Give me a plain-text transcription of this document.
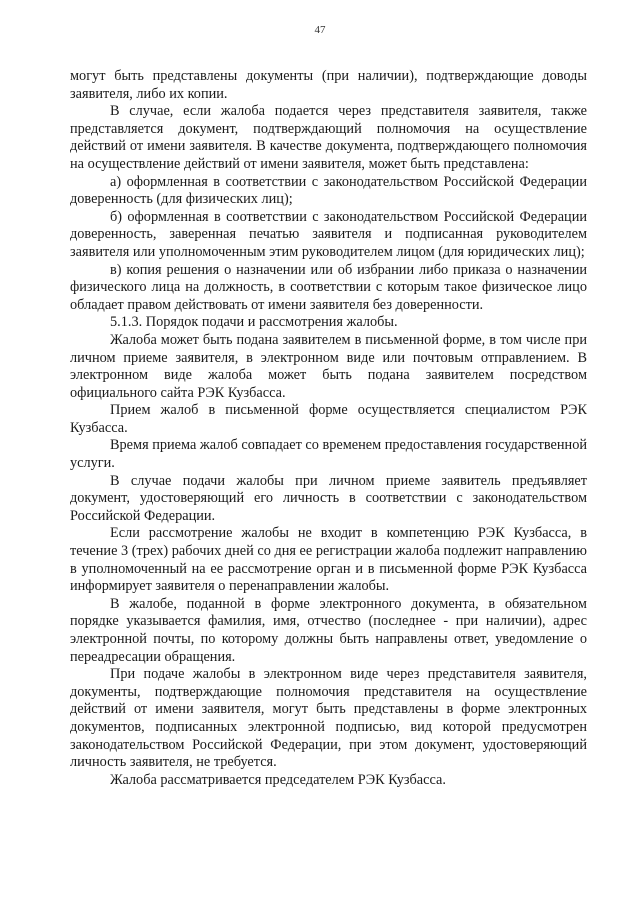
47

могут быть представлены документы (при наличии), подтверждающие доводы заявителя, либо их копии.

В случае, если жалоба подается через представителя заявителя, также представляется документ, подтверждающий полномочия на осуществление действий от имени заявителя. В качестве документа, подтверждающего полномочия на осуществление действий от имени заявителя, может быть представлена:

а) оформленная в соответствии с законодательством Российской Федерации доверенность (для физических лиц);

б) оформленная в соответствии с законодательством Российской Федерации доверенность, заверенная печатью заявителя и подписанная руководителем заявителя или уполномоченным этим руководителем лицом (для юридических лиц);

в) копия решения о назначении или об избрании либо приказа о назначении физического лица на должность, в соответствии с которым такое физическое лицо обладает правом действовать от имени заявителя без доверенности.

5.1.3. Порядок подачи и рассмотрения жалобы.

Жалоба может быть подана заявителем в письменной форме, в том числе при личном приеме заявителя, в электронном виде или почтовым отправлением. В электронном виде жалоба может быть подана заявителем посредством официального сайта РЭК Кузбасса.

Прием жалоб в письменной форме осуществляется специалистом РЭК Кузбасса.

Время приема жалоб совпадает со временем предоставления государственной услуги.

В случае подачи жалобы при личном приеме заявитель предъявляет документ, удостоверяющий его личность в соответствии с законодательством Российской Федерации.

Если рассмотрение жалобы не входит в компетенцию РЭК Кузбасса, в течение 3 (трех) рабочих дней со дня ее регистрации жалоба подлежит направлению в уполномоченный на ее рассмотрение орган и в письменной форме РЭК Кузбасса информирует заявителя о перенаправлении жалобы.

В жалобе, поданной в форме электронного документа, в обязательном порядке указывается фамилия, имя, отчество (последнее - при наличии), адрес электронной почты, по которому должны быть направлены ответ, уведомление о переадресации обращения.

При подаче жалобы в электронном виде через представителя заявителя, документы, подтверждающие полномочия представителя на осуществление действий от имени заявителя, могут быть представлены в форме электронных документов, подписанных электронной подписью, вид которой предусмотрен законодательством Российской Федерации, при этом документ, удостоверяющий личность заявителя, не требуется.

Жалоба рассматривается председателем РЭК Кузбасса.
